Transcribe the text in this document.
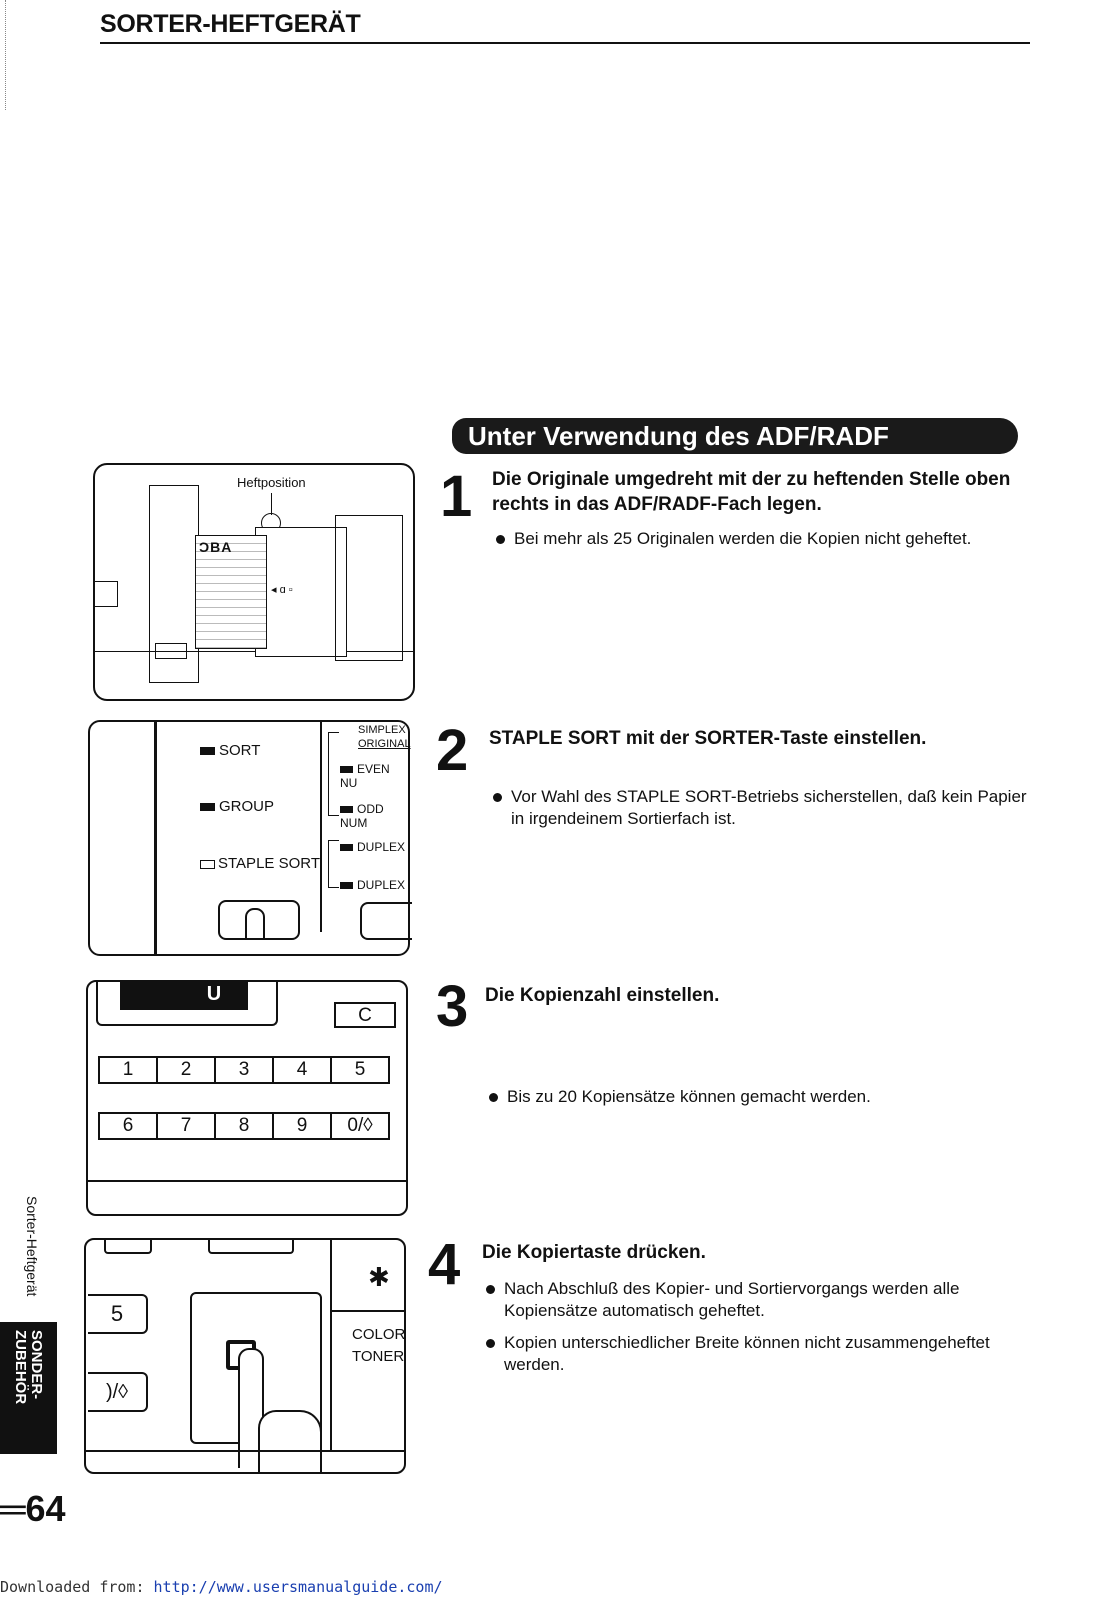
SORTER-HEFTGERÄT
Unter Verwendung des ADF/RADF
Heftposition
ƆBA
◂ ɑ ▫
1 Die Originale umgedreht mit der zu heftenden Stelle oben rechts in das ADF/RADF-Fach legen.
Bei mehr als 25 Originalen werden die Kopien nicht geheftet.
SORT
GROUP
STAPLE SORT
SIMPLEX
ORIGINAL
EVEN NU
ODD NUM
DUPLEX
DUPLEX
2 STAPLE SORT mit der SORTER-Taste einstellen.
Vor Wahl des STAPLE SORT-Betriebs sicherstellen, daß kein Papier in irgendeinem Sortierfach ist.
U
C
1	2	3	4	5
6	7	8	9	0/◊
3 Die Kopienzahl einstellen.
Bis zu 20 Kopiensätze können gemacht werden.
5
)/◊
✱
COLOR
TONER
4 Die Kopiertaste drücken.
Nach Abschluß des Kopier- und Sortiervorgangs werden alle Kopiensätze automatisch geheftet.
Kopien unterschiedlicher Breite können nicht zusammengeheftet werden.
Sorter-Heftgerät
SONDER-ZUBEHÖR
═64
Downloaded from: http://www.usersmanualguide.com/
